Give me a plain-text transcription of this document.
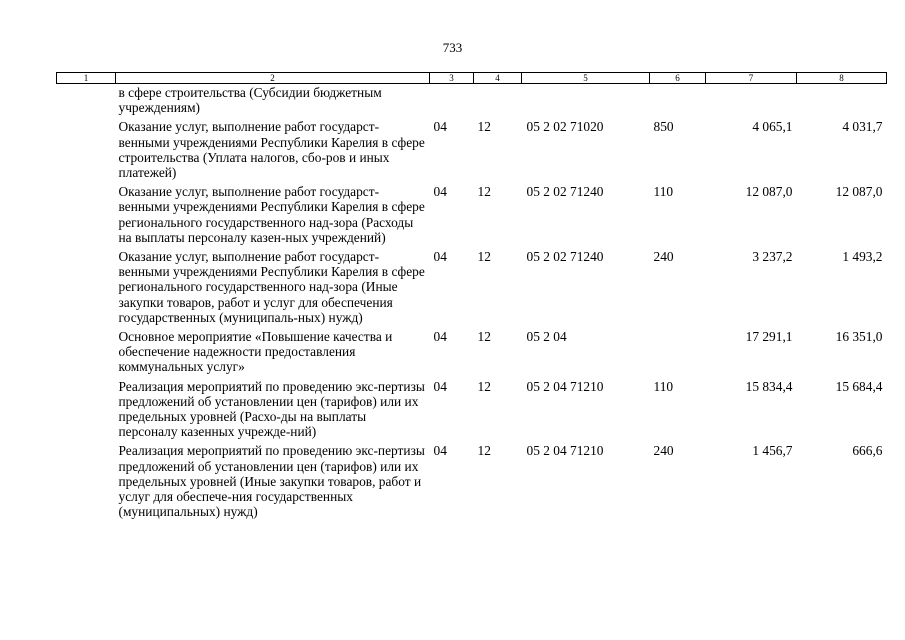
733
1	2	3	4	5	6	7	8
	в сфере строительства (Субсидии бюджетным учреждениям)						
	Оказание услуг, выполнение работ государст-венными учреждениями Республики Карелия в сфере строительства (Уплата налогов, сбо-ров и иных платежей)	04	12	05 2 02 71020	850	4 065,1	4 031,7
	Оказание услуг, выполнение работ государст-венными учреждениями Республики Карелия в сфере регионального государственного над-зора (Расходы на выплаты персоналу казен-ных учреждений)	04	12	05 2 02 71240	110	12 087,0	12 087,0
	Оказание услуг, выполнение работ государст-венными учреждениями Республики Карелия в сфере регионального государственного над-зора (Иные закупки товаров, работ и услуг для обеспечения государственных (муниципаль-ных) нужд)	04	12	05 2 02 71240	240	3 237,2	1 493,2
	Основное мероприятие «Повышение качества и обеспечение надежности предоставления коммунальных услуг»	04	12	05 2 04		17 291,1	16 351,0
	Реализация мероприятий по проведению экс-пертизы предложений об установлении цен (тарифов) или их предельных уровней (Расхо-ды на выплаты персоналу казенных учрежде-ний)	04	12	05 2 04 71210	110	15 834,4	15 684,4
	Реализация мероприятий по проведению экс-пертизы предложений об установлении цен (тарифов) или их предельных уровней (Иные закупки товаров, работ и услуг для обеспече-ния государственных (муниципальных) нужд)	04	12	05 2 04 71210	240	1 456,7	666,6
